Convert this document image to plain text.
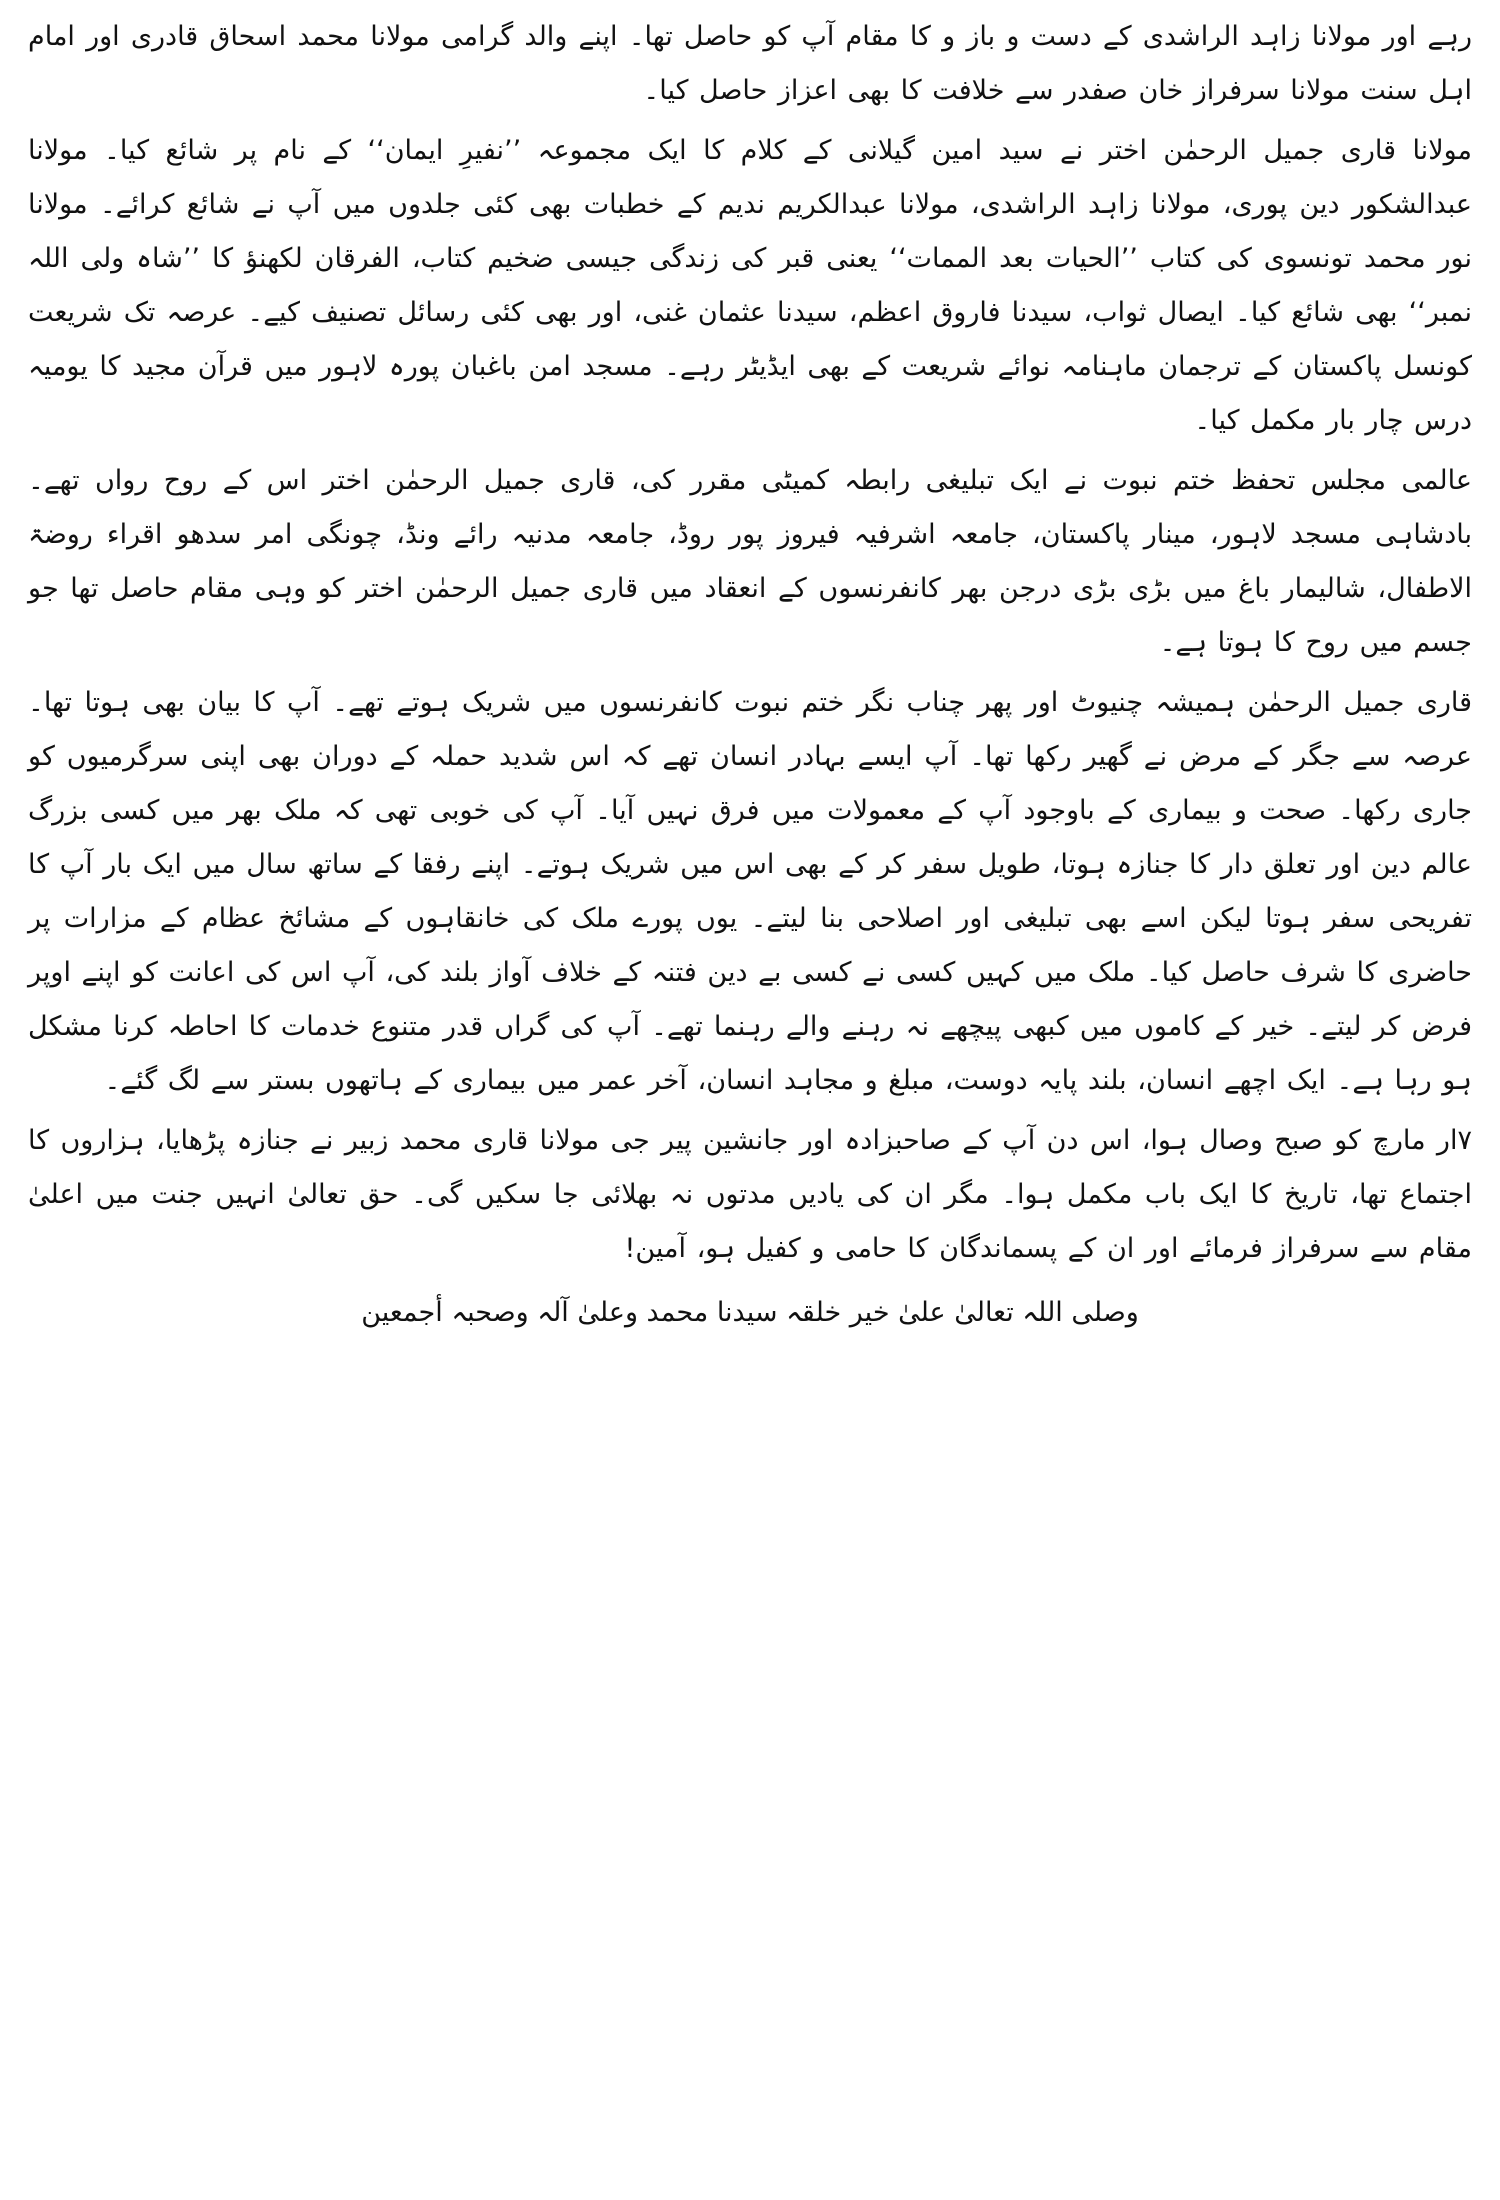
رہے اور مولانا زاہد الراشدی کے دست و باز و کا مقام آپ کو حاصل تھا۔ اپنے والد گرامی مولانا محمد اسحاق قادری اور امام اہل سنت مولانا سرفراز خان صفدر سے خلافت کا بھی اعزاز حاصل کیا۔

مولانا قاری جمیل الرحمٰن اختر نے سید امین گیلانی کے کلام کا ایک مجموعہ ’’نفیرِ ایمان‘‘ کے نام پر شائع کیا۔ مولانا عبدالشکور دین پوری، مولانا زاہد الراشدی، مولانا عبدالکریم ندیم کے خطبات بھی کئی جلدوں میں آپ نے شائع کرائے۔ مولانا نور محمد تونسوی کی کتاب ’’الحیات بعد الممات‘‘ یعنی قبر کی زندگی جیسی ضخیم کتاب، الفرقان لکھنؤ کا ’’شاہ ولی اللہ نمبر‘‘ بھی شائع کیا۔ ایصال ثواب، سیدنا فاروق اعظم، سیدنا عثمان غنی، اور بھی کئی رسائل تصنیف کیے۔ عرصہ تک شریعت کونسل پاکستان کے ترجمان ماہنامہ نوائے شریعت کے بھی ایڈیٹر رہے۔ مسجد امن باغبان پورہ لاہور میں قرآن مجید کا یومیہ درس چار بار مکمل کیا۔

عالمی مجلس تحفظ ختم نبوت نے ایک تبلیغی رابطہ کمیٹی مقرر کی، قاری جمیل الرحمٰن اختر اس کے روح رواں تھے۔ بادشاہی مسجد لاہور، مینار پاکستان، جامعہ اشرفیہ فیروز پور روڈ، جامعہ مدنیہ رائے ونڈ، چونگی امر سدھو اقراء روضۃ الاطفال، شالیمار باغ میں بڑی بڑی درجن بھر کانفرنسوں کے انعقاد میں قاری جمیل الرحمٰن اختر کو وہی مقام حاصل تھا جو جسم میں روح کا ہوتا ہے۔

قاری جمیل الرحمٰن ہمیشہ چنیوٹ اور پھر چناب نگر ختم نبوت کانفرنسوں میں شریک ہوتے تھے۔ آپ کا بیان بھی ہوتا تھا۔ عرصہ سے جگر کے مرض نے گھیر رکھا تھا۔ آپ ایسے بہادر انسان تھے کہ اس شدید حملہ کے دوران بھی اپنی سرگرمیوں کو جاری رکھا۔ صحت و بیماری کے باوجود آپ کے معمولات میں فرق نہیں آیا۔ آپ کی خوبی تھی کہ ملک بھر میں کسی بزرگ عالم دین اور تعلق دار کا جنازہ ہوتا، طویل سفر کر کے بھی اس میں شریک ہوتے۔ اپنے رفقا کے ساتھ سال میں ایک بار آپ کا تفریحی سفر ہوتا لیکن اسے بھی تبلیغی اور اصلاحی بنا لیتے۔ یوں پورے ملک کی خانقاہوں کے مشائخ عظام کے مزارات پر حاضری کا شرف حاصل کیا۔ ملک میں کہیں کسی نے کسی بے دین فتنہ کے خلاف آواز بلند کی، آپ اس کی اعانت کو اپنے اوپر فرض کر لیتے۔ خیر کے کاموں میں کبھی پیچھے نہ رہنے والے رہنما تھے۔ آپ کی گراں قدر متنوع خدمات کا احاطہ کرنا مشکل ہو رہا ہے۔ ایک اچھے انسان، بلند پایہ دوست، مبلغ و مجاہد انسان، آخر عمر میں بیماری کے ہاتھوں بستر سے لگ گئے۔

۷ار مارچ کو صبح وصال ہوا، اس دن آپ کے صاحبزادہ اور جانشین پیر جی مولانا قاری محمد زبیر نے جنازہ پڑھایا، ہزاروں کا اجتماع تھا، تاریخ کا ایک باب مکمل ہوا۔ مگر ان کی یادیں مدتوں نہ بھلائی جا سکیں گی۔ حق تعالیٰ انہیں جنت میں اعلیٰ مقام سے سرفراز فرمائے اور ان کے پسماندگان کا حامی و کفیل ہو، آمین!

وصلی اللہ تعالیٰ علیٰ خیر خلقہ سیدنا محمد وعلیٰ آلہ وصحبہ أجمعین
